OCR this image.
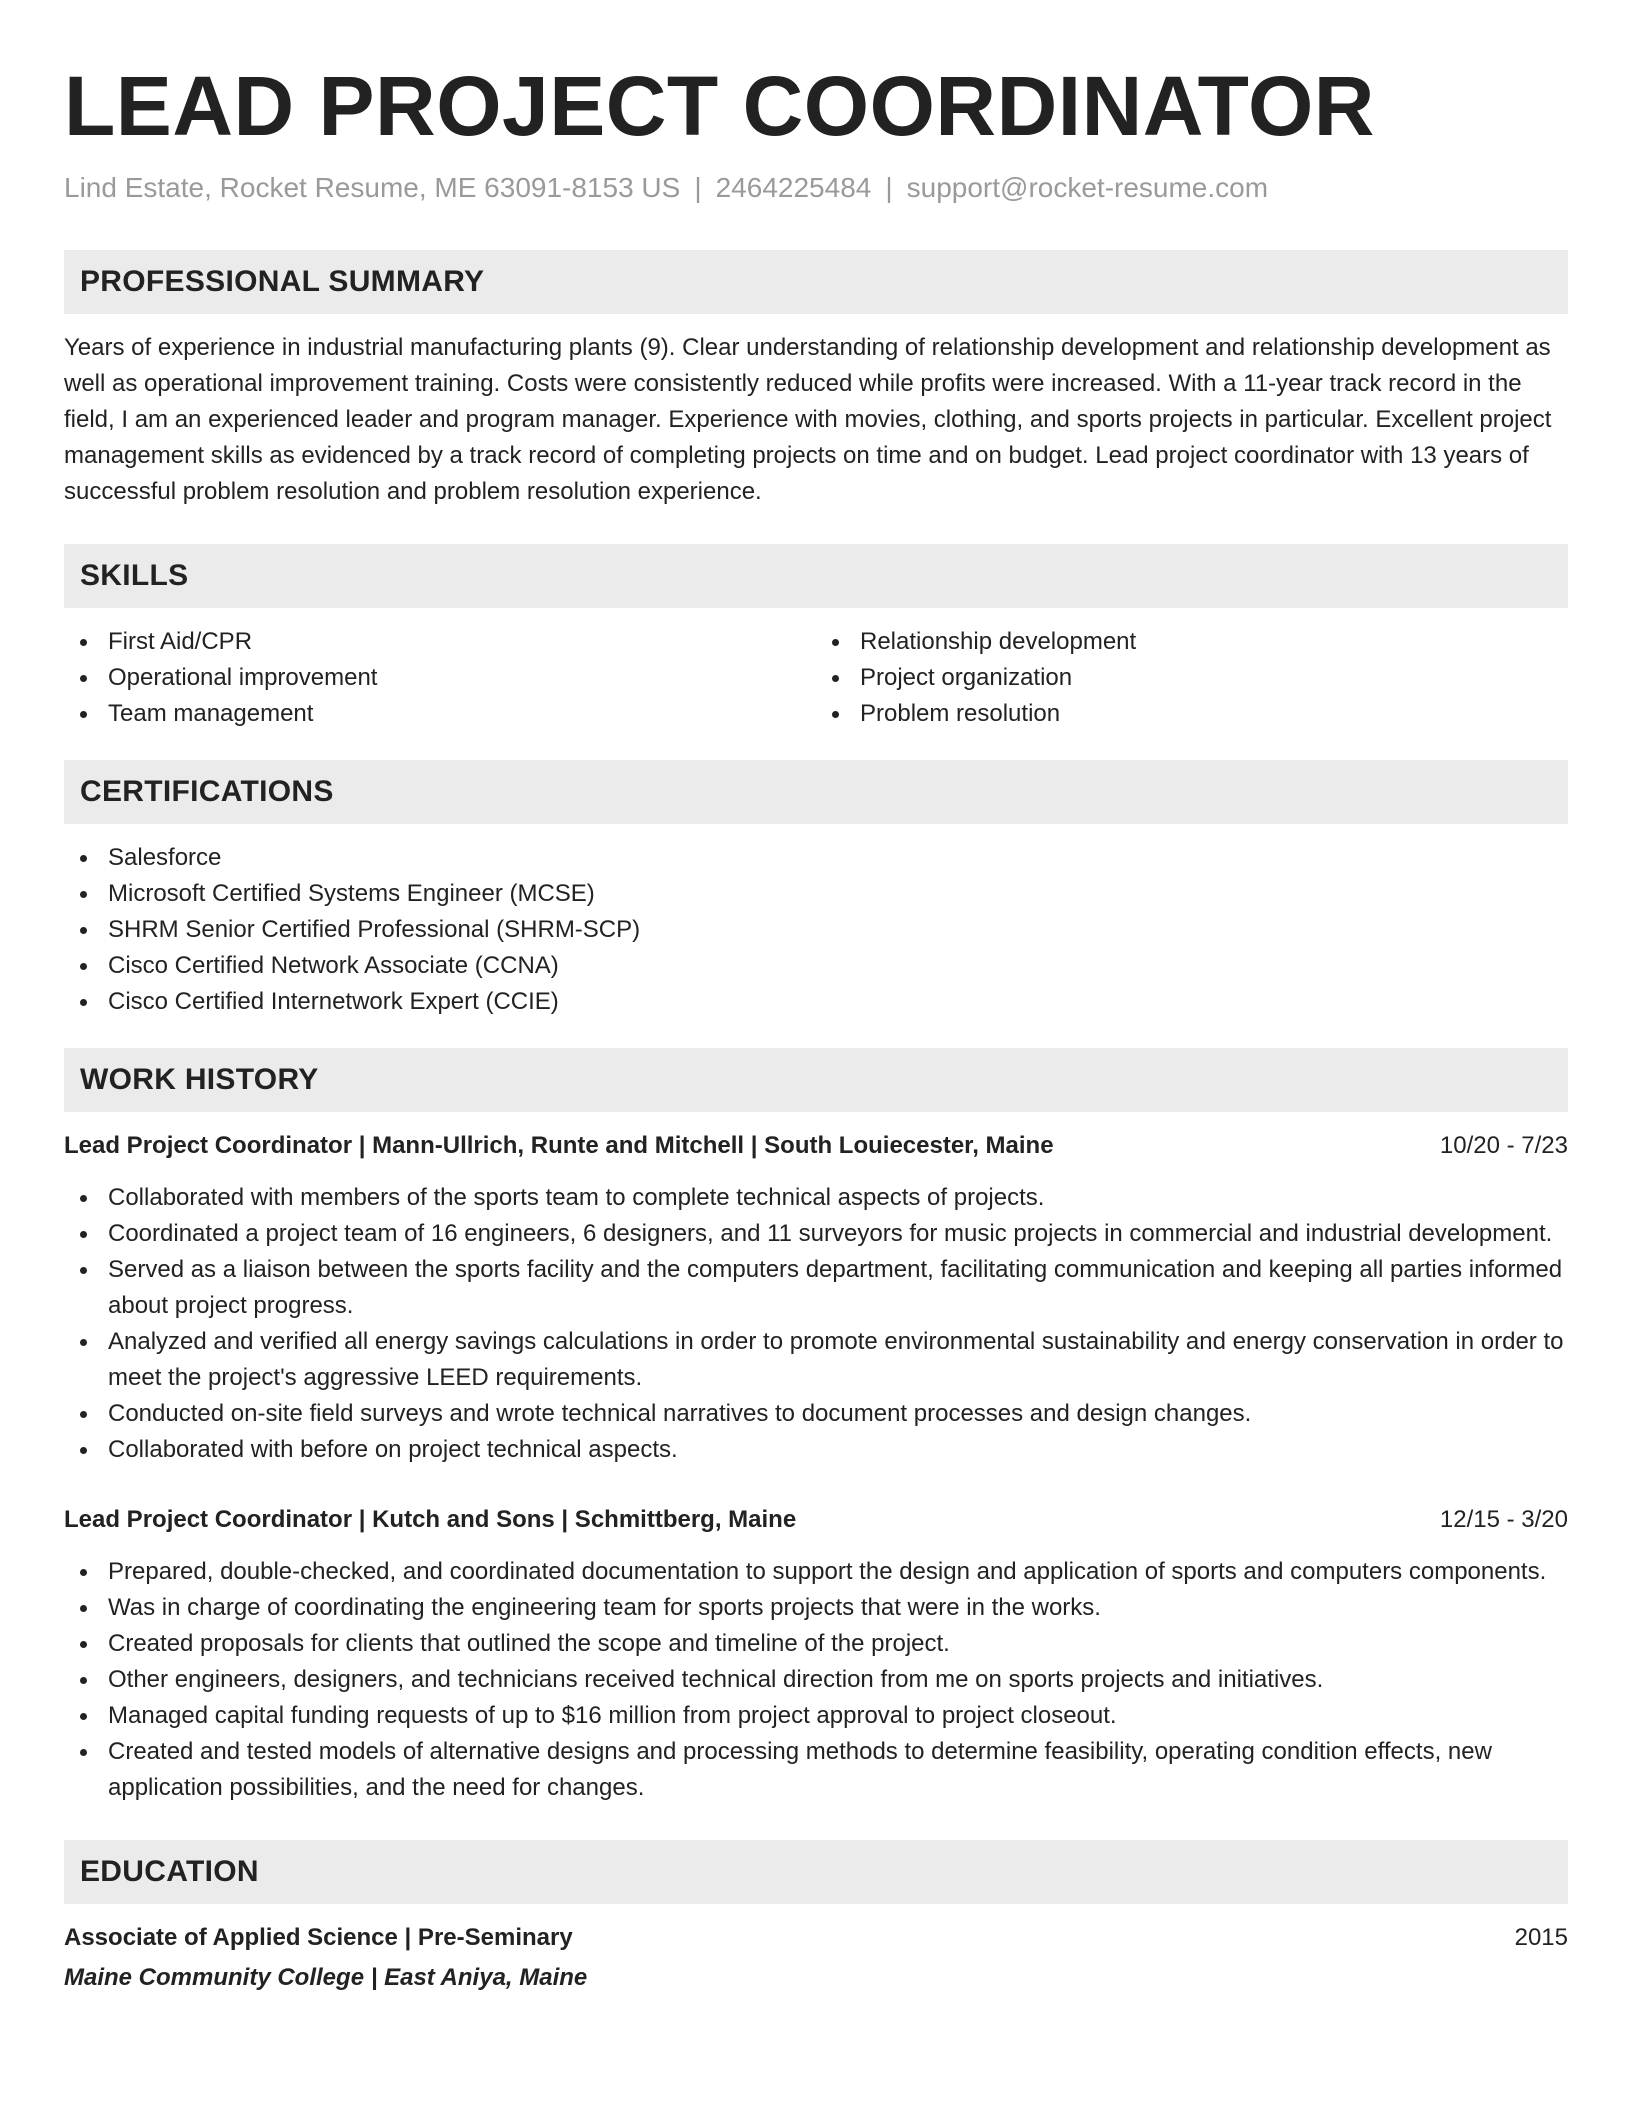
LEAD PROJECT COORDINATOR
Lind Estate, Rocket Resume, ME 63091-8153 US | 2464225484 | support@rocket-resume.com
PROFESSIONAL SUMMARY

Years of experience in industrial manufacturing plants (9). Clear understanding of relationship development and relationship development as well as operational improvement training. Costs were consistently reduced while profits were increased. With a 11-year track record in the field, I am an experienced leader and program manager. Experience with movies, clothing, and sports projects in particular. Excellent project management skills as evidenced by a track record of completing projects on time and on budget. Lead project coordinator with 13 years of successful problem resolution and problem resolution experience.

SKILLS
First Aid/CPR
Operational improvement
Team management
Relationship development
Project organization
Problem resolution
CERTIFICATIONS
Salesforce
Microsoft Certified Systems Engineer (MCSE)
SHRM Senior Certified Professional (SHRM-SCP)
Cisco Certified Network Associate (CCNA)
Cisco Certified Internetwork Expert (CCIE)
WORK HISTORY
Lead Project Coordinator | Mann-Ullrich, Runte and Mitchell | South Louiecester, Maine	10/20 - 7/23
Collaborated with members of the sports team to complete technical aspects of projects.
Coordinated a project team of 16 engineers, 6 designers, and 11 surveyors for music projects in commercial and industrial development.
Served as a liaison between the sports facility and the computers department, facilitating communication and keeping all parties informed about project progress.
Analyzed and verified all energy savings calculations in order to promote environmental sustainability and energy conservation in order to meet the project's aggressive LEED requirements.
Conducted on-site field surveys and wrote technical narratives to document processes and design changes.
Collaborated with before on project technical aspects.
Lead Project Coordinator | Kutch and Sons | Schmittberg, Maine	12/15 - 3/20
Prepared, double-checked, and coordinated documentation to support the design and application of sports and computers components.
Was in charge of coordinating the engineering team for sports projects that were in the works.
Created proposals for clients that outlined the scope and timeline of the project.
Other engineers, designers, and technicians received technical direction from me on sports projects and initiatives.
Managed capital funding requests of up to $16 million from project approval to project closeout.
Created and tested models of alternative designs and processing methods to determine feasibility, operating condition effects, new application possibilities, and the need for changes.
EDUCATION
Associate of Applied Science | Pre-Seminary	2015
Maine Community College | East Aniya, Maine
